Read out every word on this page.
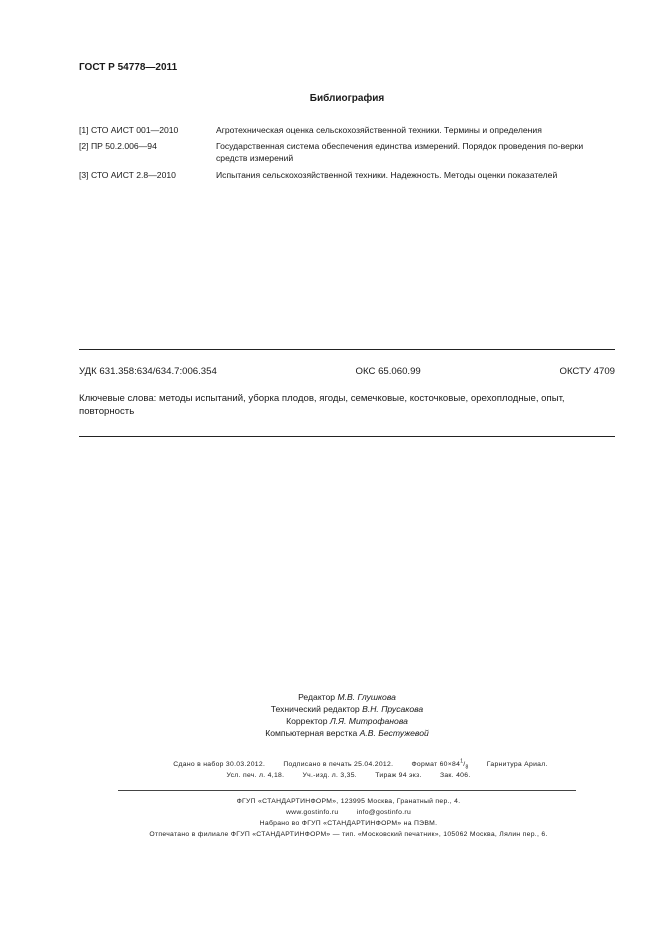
ГОСТ Р 54778—2011
Библиография
[1] СТО АИСТ 001—2010	Агротехническая оценка сельскохозяйственной техники. Термины и определения
[2] ПР 50.2.006—94	Государственная система обеспечения единства измерений. Порядок проведения по-верки средств измерений
[3] СТО АИСТ 2.8—2010	Испытания сельскохозяйственной техники. Надежность. Методы оценки показателей
УДК 631.358:634/634.7:006.354	ОКС 65.060.99	ОКСТУ 4709
Ключевые слова: методы испытаний, уборка плодов, ягоды, семечковые, косточковые, орехоплодные, опыт, повторность
Редактор М.В. Глушкова
Технический редактор В.Н. Прусакова
Корректор Л.Я. Митрофанова
Компьютерная верстка А.В. Бестужевой
Сдано в набор 30.03.2012.	Подписано в печать 25.04.2012.	Формат $60\times 84^1/_8$	Гарнитура Ариал.
Усл. печ. л. 4,18.	Уч.-изд. л. 3,35.	Тираж 94 экз.	Зак. 406.
ФГУП «СТАНДАРТИНФОРМ», 123995 Москва, Гранатный пер., 4.
www.gostinfo.ru	info@gostinfo.ru
Набрано во ФГУП «СТАНДАРТИНФОРМ» на ПЭВМ.
Отпечатано в филиале ФГУП «СТАНДАРТИНФОРМ» — тип. «Московский печатник», 105062 Москва, Лялин пер., 6.
